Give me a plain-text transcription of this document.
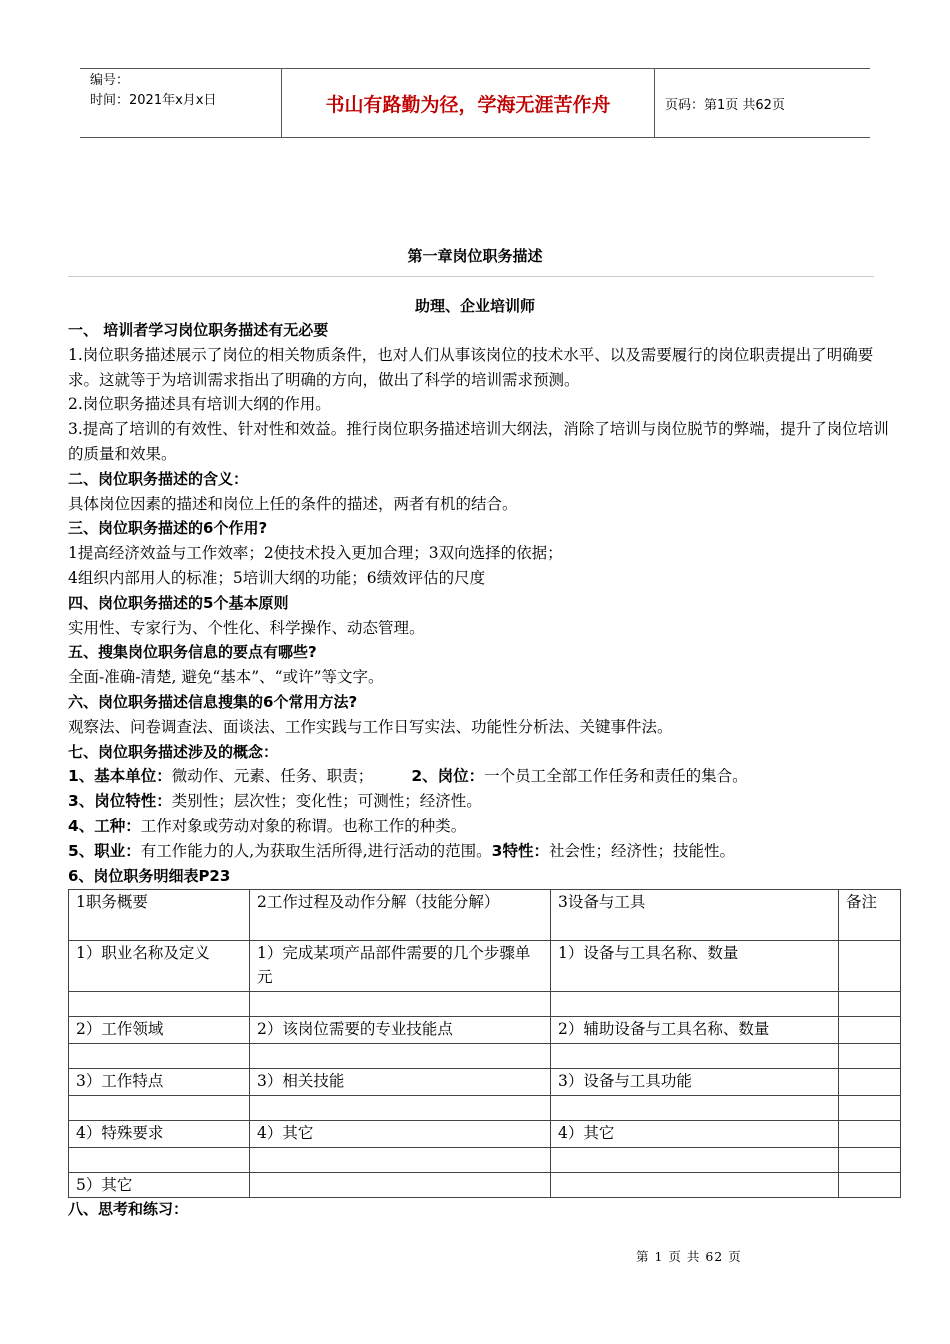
编号：
时间：2021年x月x日	书山有路勤为径，学海无涯苦作舟	页码：第1页 共62页
第一章岗位职务描述
助理、企业培训师

一、 培训者学习岗位职务描述有无必要

1.岗位职务描述展示了岗位的相关物质条件，也对人们从事该岗位的技术水平、以及需要履行的岗位职责提出了明确要求。这就等于为培训需求指出了明确的方向，做出了科学的培训需求预测。

2.岗位职务描述具有培训大纲的作用。

3.提高了培训的有效性、针对性和效益。推行岗位职务描述培训大纲法，消除了培训与岗位脱节的弊端，提升了岗位培训的质量和效果。

二、岗位职务描述的含义：

具体岗位因素的描述和岗位上任的条件的描述，两者有机的结合。

三、岗位职务描述的6个作用?

1提高经济效益与工作效率；2使技术投入更加合理；3双向选择的依据；

4组织内部用人的标准；5培训大纲的功能；6绩效评估的尺度

四、岗位职务描述的5个基本原则

实用性、专家行为、个性化、科学操作、动态管理。

五、搜集岗位职务信息的要点有哪些?

全面-准确-清楚, 避免“基本”、“或许”等文字。

六、岗位职务描述信息搜集的6个常用方法?

观察法、问卷调查法、面谈法、工作实践与工作日写实法、功能性分析法、关键事件法。

七、岗位职务描述涉及的概念：

1、基本单位：微动作、元素、任务、职责； 2、岗位：一个员工全部工作任务和责任的集合。

3、岗位特性：类别性；层次性；变化性；可测性；经济性。

4、工种：工作对象或劳动对象的称谓。也称工作的种类。

5、职业：有工作能力的人,为获取生活所得,进行活动的范围。3特性：社会性；经济性；技能性。

6、岗位职务明细表P23

1职务概要	2工作过程及动作分解（技能分解）	3设备与工具	备注
1）职业名称及定义	1）完成某项产品部件需要的几个步骤单元	1）设备与工具名称、数量	

2）工作领域	2）该岗位需要的专业技能点	2）辅助设备与工具名称、数量	

3）工作特点	3）相关技能	3）设备与工具功能	

4）特殊要求	4）其它	4）其它	

5）其它			
八、思考和练习：
第 1 页 共 62 页
